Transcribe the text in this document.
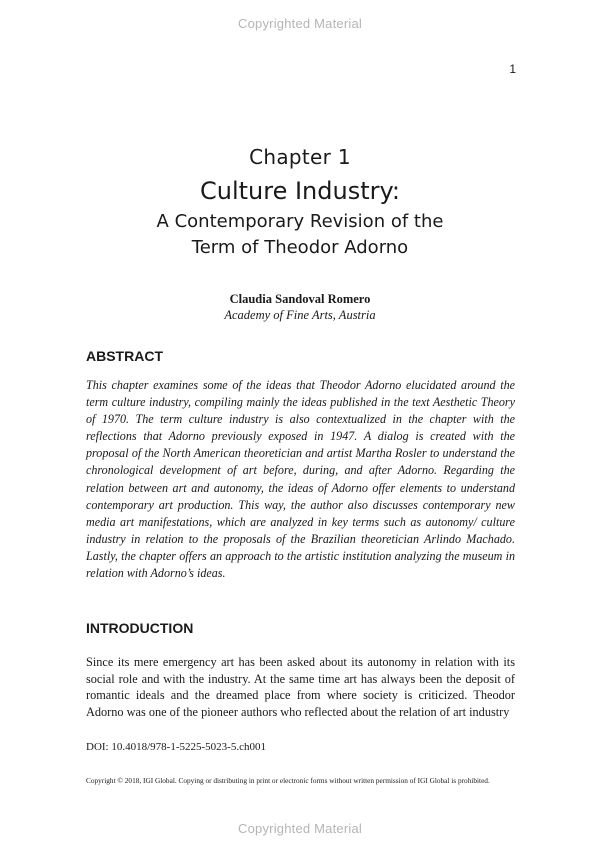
Copyrighted Material
1
Chapter 1
Culture Industry:
A Contemporary Revision of the
Term of Theodor Adorno
Claudia Sandoval Romero
Academy of Fine Arts, Austria
ABSTRACT

This chapter examines some of the ideas that Theodor Adorno elucidated around the term culture industry, compiling mainly the ideas published in the text Aesthetic Theory of 1970. The term culture industry is also contextualized in the chapter with the reflections that Adorno previously exposed in 1947. A dialog is created with the proposal of the North American theoretician and artist Martha Rosler to understand the chronological development of art before, during, and after Adorno. Regarding the relation between art and autonomy, the ideas of Adorno offer elements to understand contemporary art production. This way, the author also discusses contemporary new media art manifestations, which are analyzed in key terms such as autonomy/ culture industry in relation to the proposals of the Brazilian theoretician Arlindo Machado. Lastly, the chapter offers an approach to the artistic institution analyzing the museum in relation with Adorno’s ideas.

INTRODUCTION

Since its mere emergency art has been asked about its autonomy in relation with its social role and with the industry. At the same time art has always been the deposit of romantic ideals and the dreamed place from where society is criticized. Theodor Adorno was one of the pioneer authors who reflected about the relation of art industry

DOI: 10.4018/978-1-5225-5023-5.ch001
Copyright © 2018, IGI Global. Copying or distributing in print or electronic forms without written permission of IGI Global is prohibited.
Copyrighted Material
